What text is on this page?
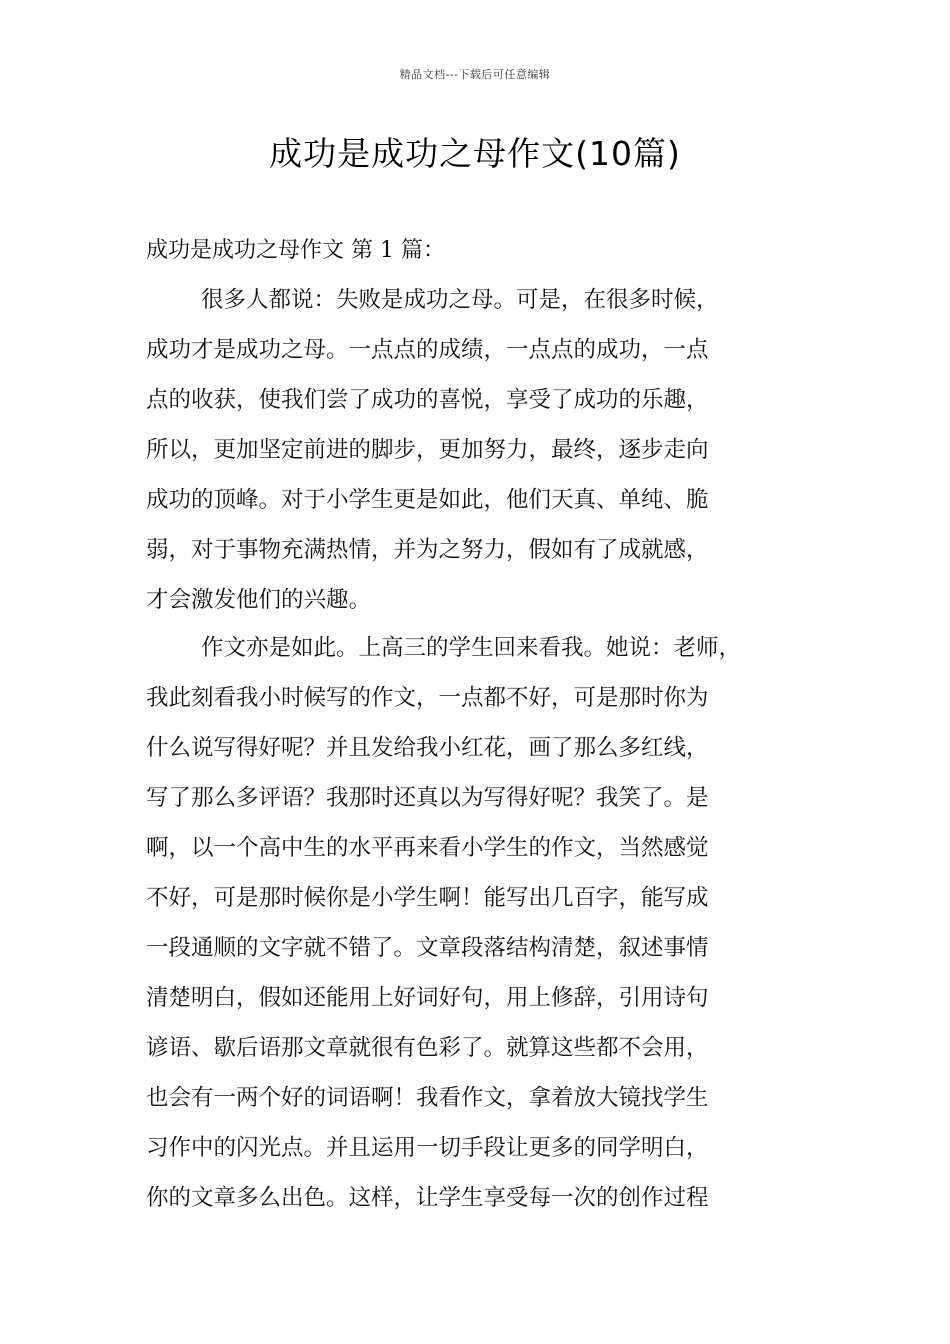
精品文档---下载后可任意编辑
成功是成功之母作文(10篇)
成功是成功之母作文 第 1 篇：
很多人都说：失败是成功之母。可是，在很多时候，
成功才是成功之母。一点点的成绩，一点点的成功，一点
点的收获，使我们尝了成功的喜悦，享受了成功的乐趣，
所以，更加坚定前进的脚步，更加努力，最终，逐步走向
成功的顶峰。对于小学生更是如此，他们天真、单纯、脆
弱，对于事物充满热情，并为之努力，假如有了成就感，
才会激发他们的兴趣。
作文亦是如此。上高三的学生回来看我。她说：老师，
我此刻看我小时候写的作文，一点都不好，可是那时你为
什么说写得好呢？并且发给我小红花，画了那么多红线，
写了那么多评语？我那时还真以为写得好呢？我笑了。是
啊，以一个高中生的水平再来看小学生的作文，当然感觉
不好，可是那时候你是小学生啊！能写出几百字，能写成
一段通顺的文字就不错了。文章段落结构清楚，叙述事情
清楚明白，假如还能用上好词好句，用上修辞，引用诗句
谚语、歇后语那文章就很有色彩了。就算这些都不会用，
也会有一两个好的词语啊！我看作文，拿着放大镜找学生
习作中的闪光点。并且运用一切手段让更多的同学明白，
你的文章多么出色。这样，让学生享受每一次的创作过程
